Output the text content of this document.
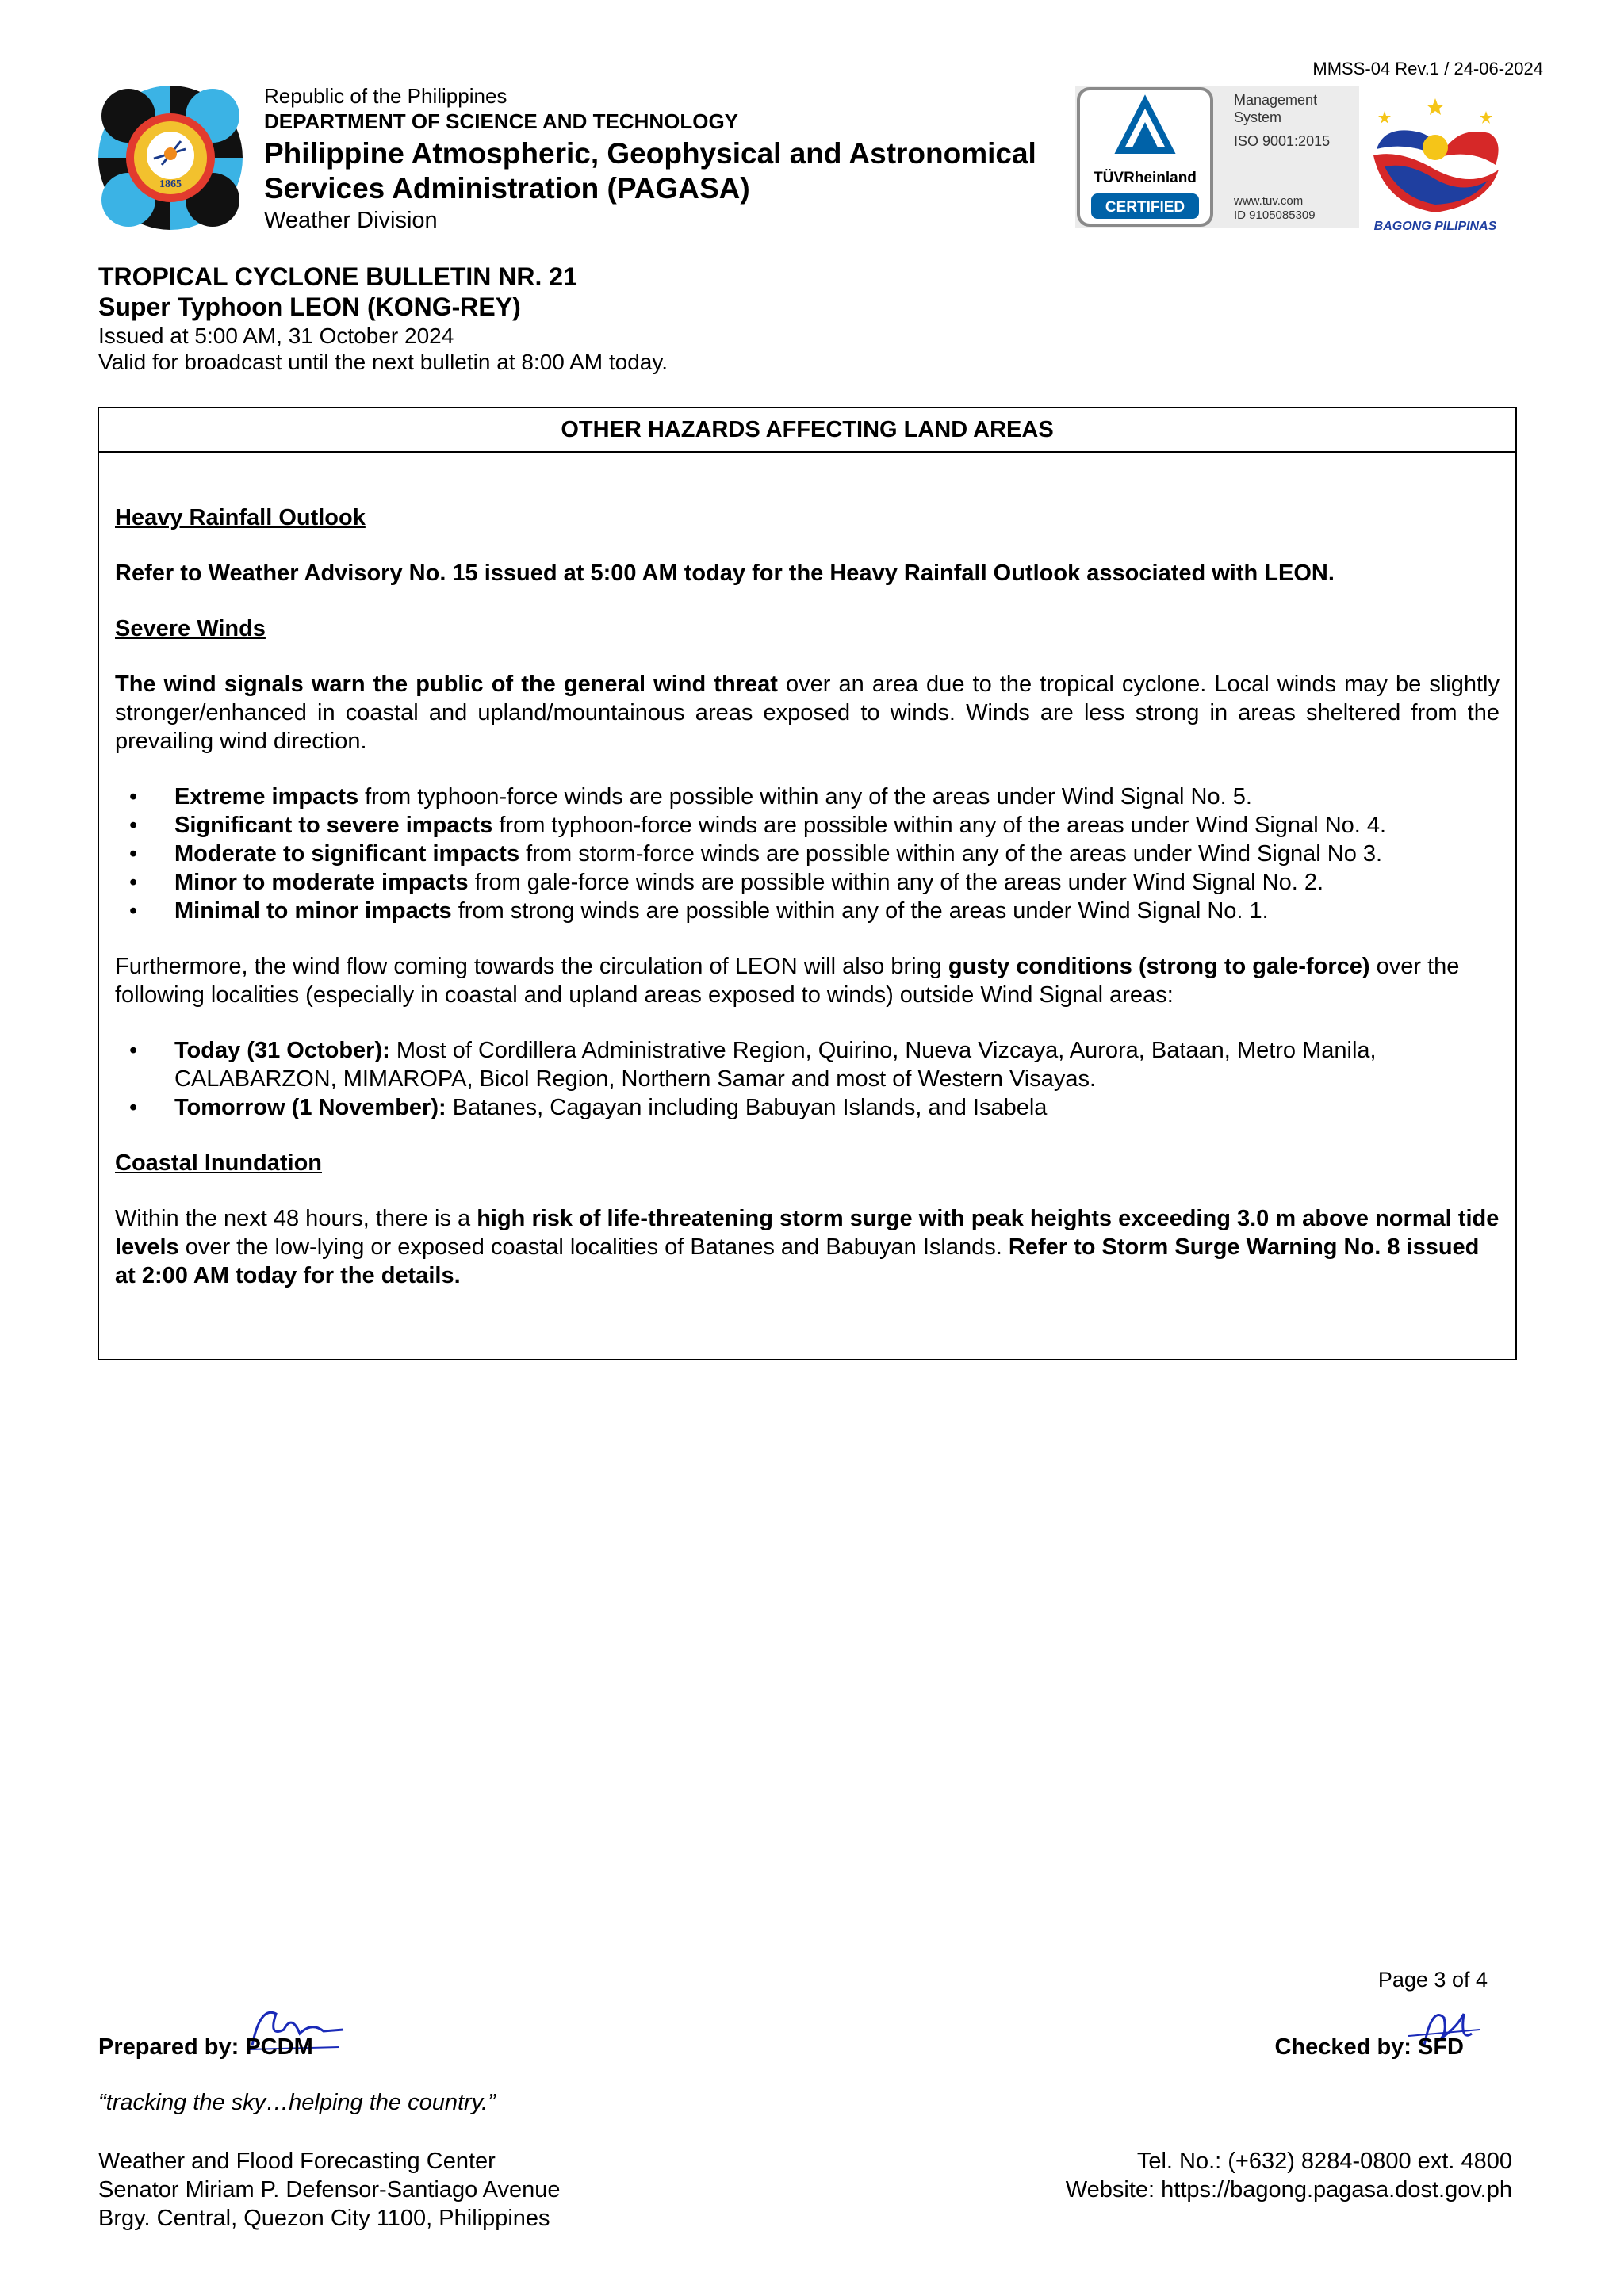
MMSS-04 Rev.1 / 24-06-2024
1865
Republic of the Philippines
DEPARTMENT OF SCIENCE AND TECHNOLOGY
Philippine Atmospheric, Geophysical and Astronomical
Services Administration (PAGASA)
Weather Division
TÜVRheinland
CERTIFIED
Management
System
ISO 9001:2015
www.tuv.com
ID 9105085309
BAGONG PILIPINAS
TROPICAL CYCLONE BULLETIN NR. 21
Super Typhoon LEON (KONG-REY)
Issued at 5:00 AM, 31 October 2024
Valid for broadcast until the next bulletin at 8:00 AM today.
OTHER HAZARDS AFFECTING LAND AREAS
Heavy Rainfall Outlook

Refer to Weather Advisory No. 15 issued at 5:00 AM today for the Heavy Rainfall Outlook associated with LEON.

Severe Winds

The wind signals warn the public of the general wind threat over an area due to the tropical cyclone. Local winds may be slightly stronger/enhanced in coastal and upland/mountainous areas exposed to winds. Winds are less strong in areas sheltered from the prevailing wind direction.

• Extreme impacts from typhoon-force winds are possible within any of the areas under Wind Signal No. 5.
• Significant to severe impacts from typhoon-force winds are possible within any of the areas under Wind Signal No. 4.
• Moderate to significant impacts from storm-force winds are possible within any of the areas under Wind Signal No 3.
• Minor to moderate impacts from gale-force winds are possible within any of the areas under Wind Signal No. 2.
• Minimal to minor impacts from strong winds are possible within any of the areas under Wind Signal No. 1.

Furthermore, the wind flow coming towards the circulation of LEON will also bring gusty conditions (strong to gale-force) over the following localities (especially in coastal and upland areas exposed to winds) outside Wind Signal areas:

• Today (31 October): Most of Cordillera Administrative Region, Quirino, Nueva Vizcaya, Aurora, Bataan, Metro Manila, CALABARZON, MIMAROPA, Bicol Region, Northern Samar and most of Western Visayas.
• Tomorrow (1 November): Batanes, Cagayan including Babuyan Islands, and Isabela
Coastal Inundation

Within the next 48 hours, there is a high risk of life-threatening storm surge with peak heights exceeding 3.0 m above normal tide levels over the low-lying or exposed coastal localities of Batanes and Babuyan Islands. Refer to Storm Surge Warning No. 8 issued at 2:00 AM today for the details.

Page 3 of 4
Prepared by: PCDM	Checked by: SFD
“tracking the sky…helping the country.”
Weather and Flood Forecasting Center
Senator Miriam P. Defensor-Santiago Avenue
Brgy. Central, Quezon City 1100, Philippines
Tel. No.: (+632) 8284-0800 ext. 4800
Website: https://bagong.pagasa.dost.gov.ph
